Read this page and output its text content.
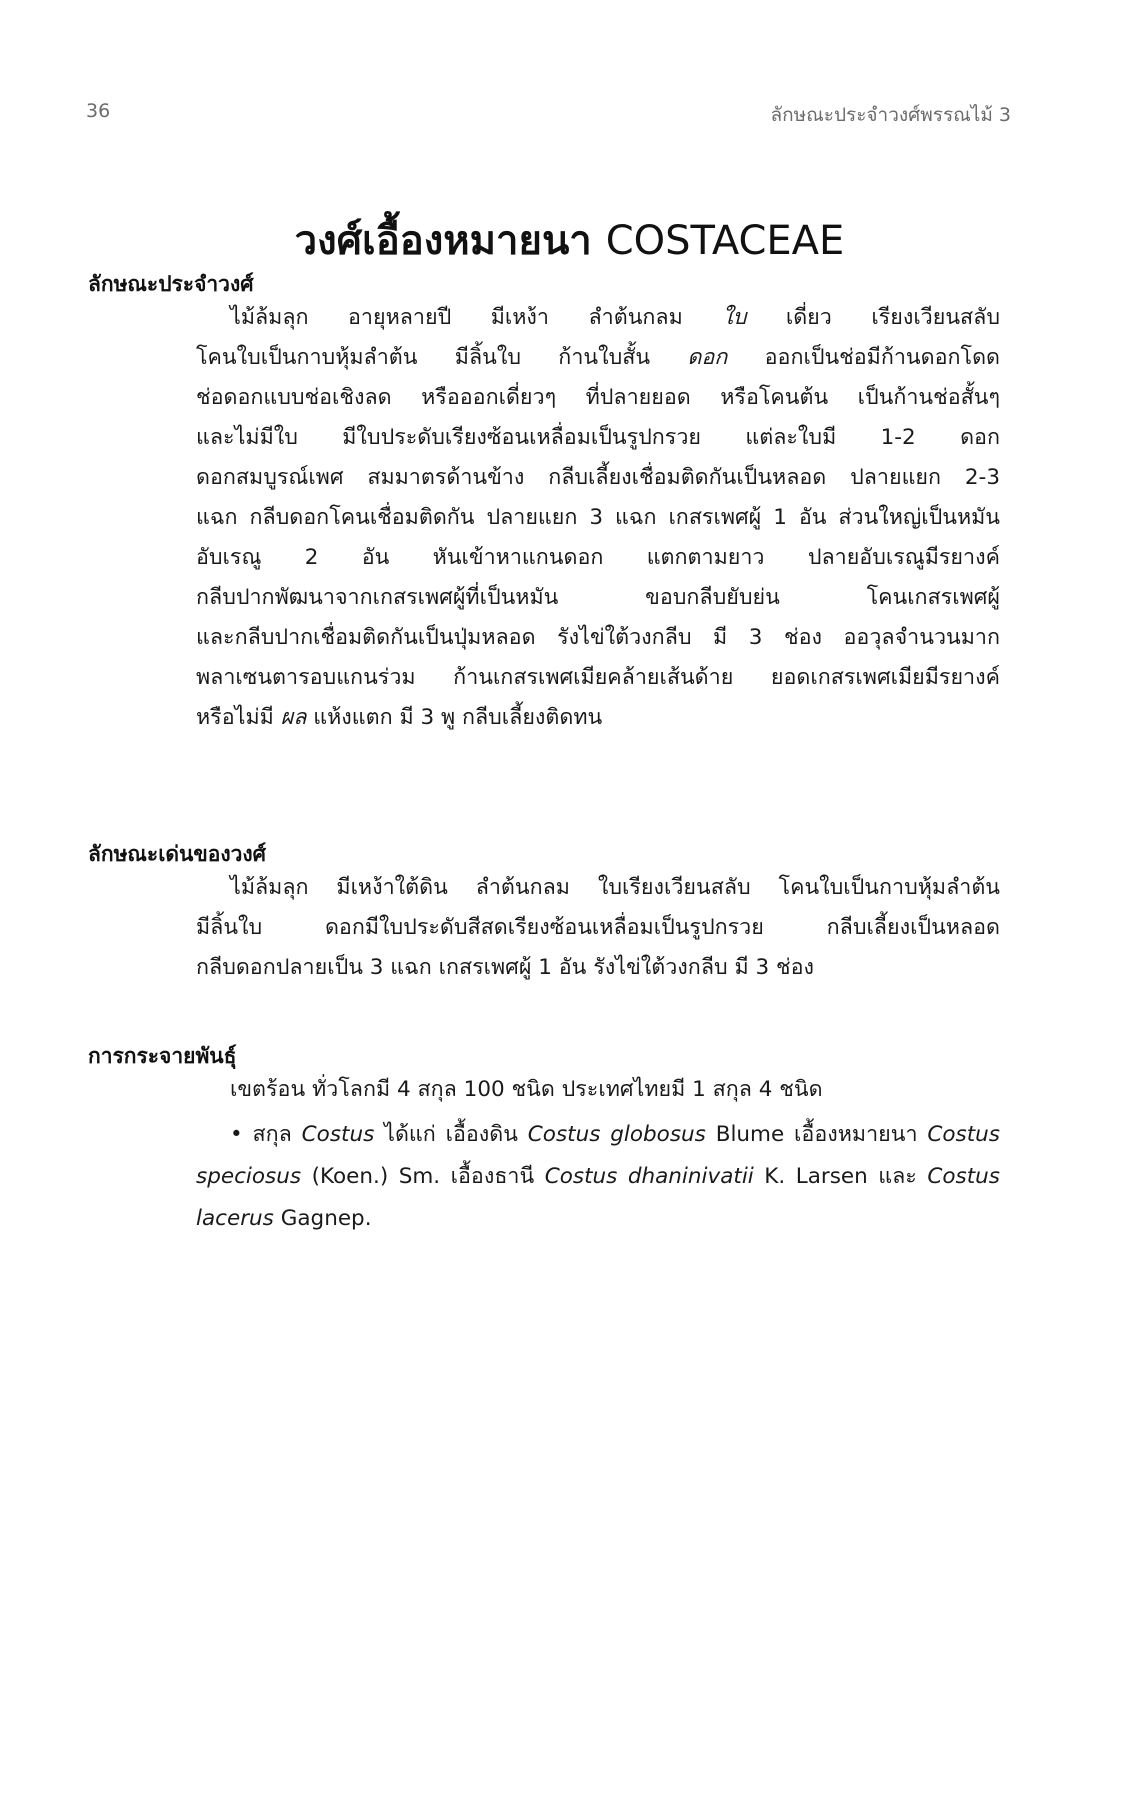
36	ลักษณะประจำวงศ์พรรณไม้ 3
วงศ์เอื้องหมายนา COSTACEAE
ลักษณะประจำวงศ์
ไม้ล้มลุก อายุหลายปี มีเหง้า ลำต้นกลม ใบ เดี่ยว เรียงเวียนสลับ
โคนใบเป็นกาบหุ้มลำต้น มีลิ้นใบ ก้านใบสั้น ดอก ออกเป็นช่อมีก้านดอกโดด
ช่อดอกแบบช่อเชิงลด หรือออกเดี่ยวๆ ที่ปลายยอด หรือโคนต้น เป็นก้านช่อสั้นๆ
และไม่มีใบ มีใบประดับเรียงซ้อนเหลื่อมเป็นรูปกรวย แต่ละใบมี 1-2 ดอก
ดอกสมบูรณ์เพศ สมมาตรด้านข้าง กลีบเลี้ยงเชื่อมติดกันเป็นหลอด ปลายแยก 2-3
แฉก กลีบดอกโคนเชื่อมติดกัน ปลายแยก 3 แฉก เกสรเพศผู้ 1 อัน ส่วนใหญ่เป็นหมัน
อับเรณู 2 อัน หันเข้าหาแกนดอก แตกตามยาว ปลายอับเรณูมีรยางค์
กลีบปากพัฒนาจากเกสรเพศผู้ที่เป็นหมัน ขอบกลีบยับย่น โคนเกสรเพศผู้
และกลีบปากเชื่อมติดกันเป็นปุ่มหลอด รังไข่ใต้วงกลีบ มี 3 ช่อง ออวุลจำนวนมาก
พลาเซนตารอบแกนร่วม ก้านเกสรเพศเมียคล้ายเส้นด้าย ยอดเกสรเพศเมียมีรยางค์
หรือไม่มี ผล แห้งแตก มี 3 พู กลีบเลี้ยงติดทน
ลักษณะเด่นของวงศ์
ไม้ล้มลุก มีเหง้าใต้ดิน ลำต้นกลม ใบเรียงเวียนสลับ โคนใบเป็นกาบหุ้มลำต้น
มีลิ้นใบ ดอกมีใบประดับสีสดเรียงซ้อนเหลื่อมเป็นรูปกรวย กลีบเลี้ยงเป็นหลอด
กลีบดอกปลายเป็น 3 แฉก เกสรเพศผู้ 1 อัน รังไข่ใต้วงกลีบ มี 3 ช่อง
การกระจายพันธุ์
เขตร้อน ทั่วโลกมี 4 สกุล 100 ชนิด ประเทศไทยมี 1 สกุล 4 ชนิด
• สกุล Costus ได้แก่ เอื้องดิน Costus globosus Blume เอื้องหมายนา Costus
speciosus (Koen.) Sm. เอื้องธานี Costus dhaninivatii K. Larsen และ Costus
lacerus Gagnep.
